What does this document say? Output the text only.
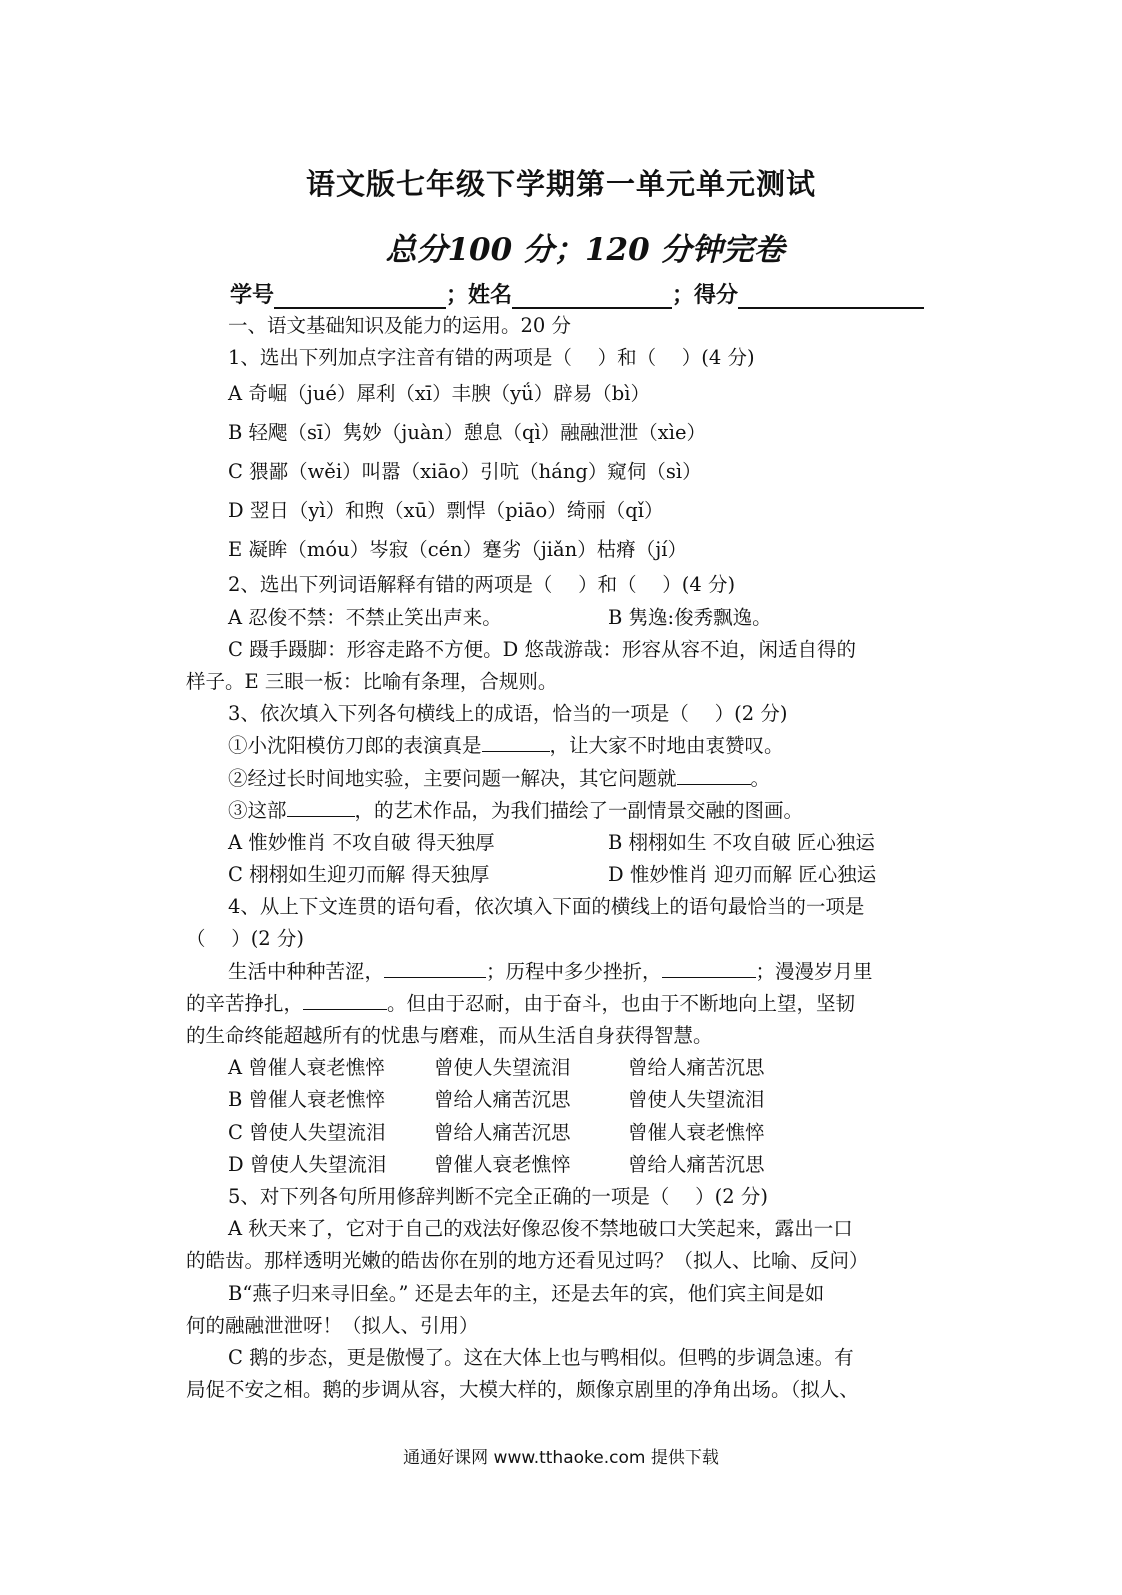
语文版七年级下学期第一单元单元测试
总分100 分；120 分钟完卷
学号	；姓名	；得分
一、语文基础知识及能力的运用。20 分
1、选出下列加点字注音有错的两项是（　 ）和（　 ）(4 分)
A 奇崛（jué）犀利（xī）丰腴（yǘ）辟易（bì）
B 轻飔（sī）隽妙（juàn）憩息（qì）融融泄泄（xìe）
C 猥鄙（wěi）叫嚣（xiāo）引吭（háng）窥伺（sì）
D 翌日（yì）和煦（xū）剽悍（piāo）绮丽（qǐ）
E 凝眸（móu）岑寂（cén）蹇劣（jiǎn）枯瘠（jí）
2、选出下列词语解释有错的两项是（　 ）和（　 ）(4 分)
A 忍俊不禁：不禁止笑出声来。	B 隽逸:俊秀飘逸。
C 蹑手蹑脚：形容走路不方便。D 悠哉游哉：形容从容不迫，闲适自得的
样子。E 三眼一板：比喻有条理，合规则。
3、依次填入下列各句横线上的成语，恰当的一项是（　 ）(2 分)
①小沈阳模仿刀郎的表演真是	，让大家不时地由衷赞叹。
②经过长时间地实验，主要问题一解决，其它问题就	。
③这部	，的艺术作品，为我们描绘了一副情景交融的图画。
A 惟妙惟肖 不攻自破 得天独厚	B 栩栩如生 不攻自破 匠心独运
C 栩栩如生迎刃而解 得天独厚	D 惟妙惟肖 迎刃而解 匠心独运
4、从上下文连贯的语句看，依次填入下面的横线上的语句最恰当的一项是
（　 ）(2 分)
生活中种种苦涩，	；历程中多少挫折，	；漫漫岁月里
的辛苦挣扎，	。但由于忍耐，由于奋斗，也由于不断地向上望，坚韧
的生命终能超越所有的忧患与磨难，而从生活自身获得智慧。
A 曾催人衰老憔悴	曾使人失望流泪	曾给人痛苦沉思
B 曾催人衰老憔悴	曾给人痛苦沉思	曾使人失望流泪
C 曾使人失望流泪 曾给人痛苦沉思	曾催人衰老憔悴
D 曾使人失望流泪 曾催人衰老憔悴	曾给人痛苦沉思
5、对下列各句所用修辞判断不完全正确的一项是（　 ）(2 分)
A 秋天来了，它对于自己的戏法好像忍俊不禁地破口大笑起来，露出一口
的皓齿。那样透明光嫩的皓齿你在别的地方还看见过吗？（拟人、比喻、反问）
B“燕子归来寻旧垒。” 还是去年的主，还是去年的宾，他们宾主间是如
何的融融泄泄呀！（拟人、引用）
C 鹅的步态，更是傲慢了。这在大体上也与鸭相似。但鸭的步调急速。有
局促不安之相。鹅的步调从容，大模大样的，颇像京剧里的净角出场。（拟人、
通通好课网 www.tthaoke.com 提供下载
